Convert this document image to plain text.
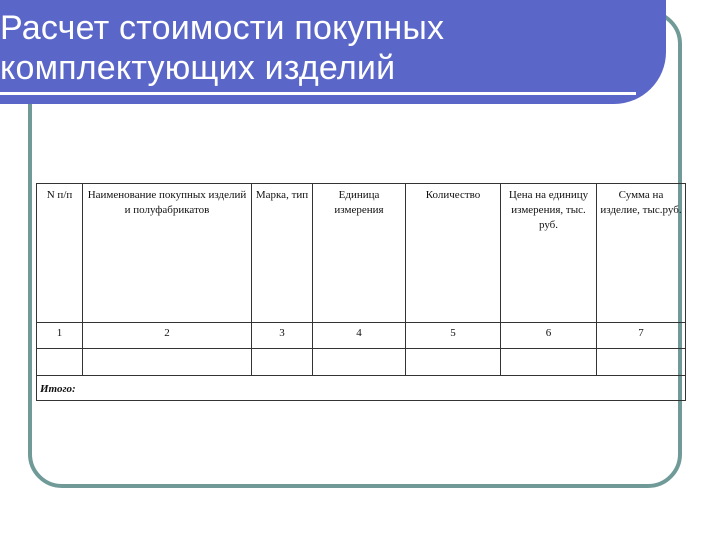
Расчет стоимости покупных
комплектующих изделий
N п/п	Наименование покупных изделий и полуфабрикатов	Марка, тип	Единица измерения	Количество	Цена на единицу измерения, тыс. руб.	Сумма на изделие, тыс.руб.
1	2	3	4	5	6	7

Итого:						
